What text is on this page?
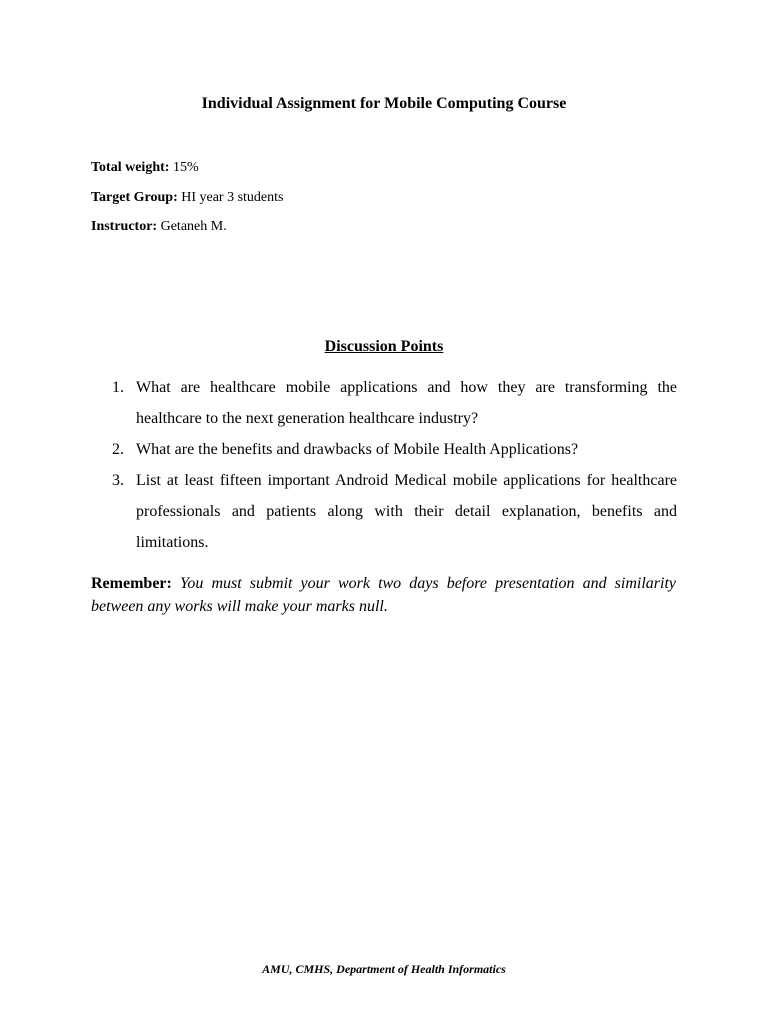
Individual Assignment for Mobile Computing Course

Total weight: 15%

Target Group: HI year 3 students

Instructor: Getaneh M.

Discussion Points
1. What are healthcare mobile applications and how they are transforming the healthcare to the next generation healthcare industry?
2. What are the benefits and drawbacks of Mobile Health Applications?
3. List at least fifteen important Android Medical mobile applications for healthcare professionals and patients along with their detail explanation, benefits and limitations.

Remember: You must submit your work two days before presentation and similarity between any works will make your marks null.

AMU, CMHS, Department of Health Informatics
